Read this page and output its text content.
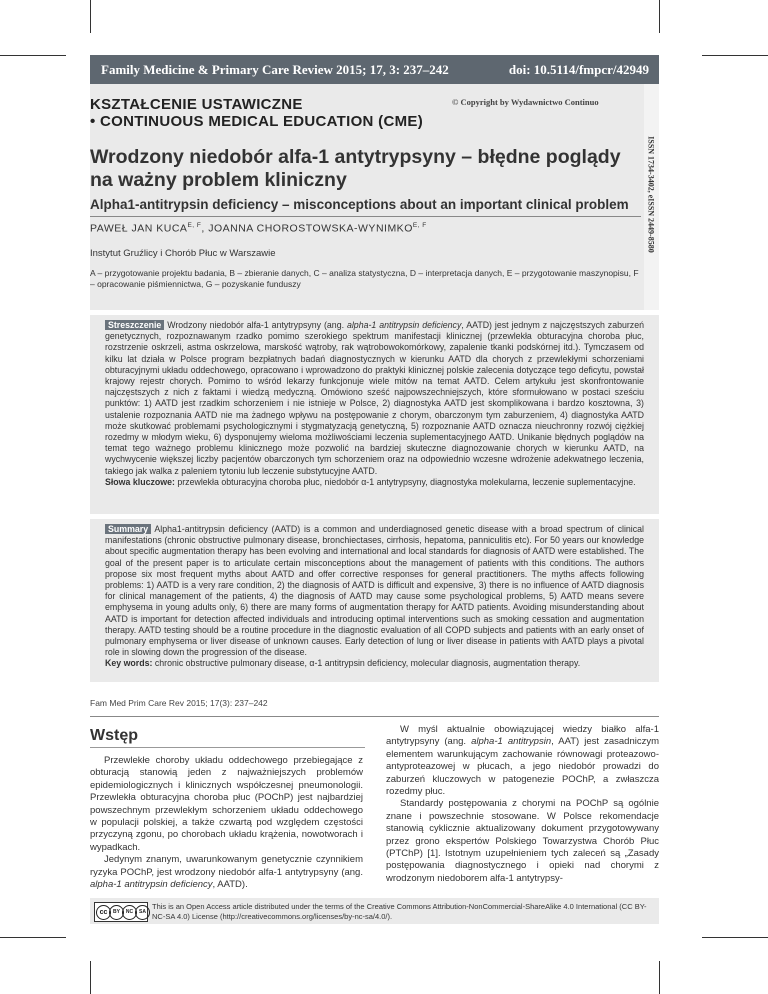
Family Medicine & Primary Care Review 2015; 17, 3: 237–242	doi: 10.5114/fmpcr/42949
KSZTAŁCENIE USTAWICZNE
• CONTINUOUS MEDICAL EDUCATION (CME)
© Copyright by Wydawnictwo Continuo
ISSN 1734-3402, eISSN 2449-8580
Wrodzony niedobór alfa-1 antytrypsyny – błędne poglądy na ważny problem kliniczny
Alpha1-antitrypsin deficiency – misconceptions about an important clinical problem
PAWEŁ JAN $KUCA^{E, F}$, JOANNA CHOROSTOWSKA-$WYNIMKO^{E, F}$
Instytut Gruźlicy i Chorób Płuc w Warszawie
A – przygotowanie projektu badania, B – zbieranie danych, C – analiza statystyczna, D – interpretacja danych, E – przygotowanie maszynopisu, F – opracowanie piśmiennictwa, G – pozyskanie funduszy
Streszczenie Wrodzony niedobór alfa-1 antytrypsyny (ang. alpha-1 antitrypsin deficiency, AATD) jest jednym z najczęstszych zaburzeń genetycznych, rozpoznawanym rzadko pomimo szerokiego spektrum manifestacji klinicznej (przewlekła obturacyjna choroba płuc, rozstrzenie oskrzeli, astma oskrzelowa, marskość wątroby, rak wątrobowokomórkowy, zapalenie tkanki podskórnej itd.). Tymczasem od kilku lat działa w Polsce program bezpłatnych badań diagnostycznych w kierunku AATD dla chorych z przewlekłymi schorzeniami obturacyjnymi układu oddechowego, opracowano i wprowadzono do praktyki klinicznej polskie zalecenia dotyczące tego deficytu, powstał krajowy rejestr chorych. Pomimo to wśród lekarzy funkcjonuje wiele mitów na temat AATD. Celem artykułu jest skonfrontowanie najczęstszych z nich z faktami i wiedzą medyczną. Omówiono sześć najpowszechniejszych, które sformułowano w postaci sześciu punktów: 1) AATD jest rzadkim schorzeniem i nie istnieje w Polsce, 2) diagnostyka AATD jest skomplikowana i bardzo kosztowna, 3) ustalenie rozpoznania AATD nie ma żadnego wpływu na postępowanie z chorym, obarczonym tym zaburzeniem, 4) diagnostyka AATD może skutkować problemami psychologicznymi i stygmatyzacją genetyczną, 5) rozpoznanie AATD oznacza nieuchronny rozwój ciężkiej rozedmy w młodym wieku, 6) dysponujemy wieloma możliwościami leczenia suplementacyjnego AATD. Unikanie błędnych poglądów na temat tego ważnego problemu klinicznego może pozwolić na bardziej skuteczne diagnozowanie chorych w kierunku AATD, na wychwycenie większej liczby pacjentów obarczonych tym schorzeniem oraz na odpowiednio wczesne wdrożenie adekwatnego leczenia, takiego jak walka z paleniem tytoniu lub leczenie substytucyjne AATD.
Słowa kluczowe: przewlekła obturacyjna choroba płuc, niedobór α-1 antytrypsyny, diagnostyka molekularna, leczenie suplementacyjne.
Summary Alpha1-antitrypsin deficiency (AATD) is a common and underdiagnosed genetic disease with a broad spectrum of clinical manifestations (chronic obstructive pulmonary disease, bronchiectases, cirrhosis, hepatoma, panniculitis etc). For 50 years our knowledge about specific augmentation therapy has been evolving and international and local standards for diagnosis of AATD were established. The goal of the present paper is to articulate certain misconceptions about the management of patients with this conditions. The authors propose six most frequent myths about AATD and offer corrective responses for general practitioners. The myths affects following problems: 1) AATD is a very rare condition, 2) the diagnosis of AATD is difficult and expensive, 3) there is no influence of AATD diagnosis for clinical management of the patients, 4) the diagnosis of AATD may cause some psychological problems, 5) AATD means severe emphysema in young adults only, 6) there are many forms of augmentation therapy for AATD patients. Avoiding misunderstanding about AATD is important for detection affected individuals and introducing optimal interventions such as smoking cessation and augmentation therapy. AATD testing should be a routine procedure in the diagnostic evaluation of all COPD subjects and patients with an early onset of pulmonary emphysema or liver disease of unknown causes. Early detection of lung or liver disease in patients with AATD plays a pivotal role in slowing down the progression of the disease.
Key words: chronic obstructive pulmonary disease, α-1 antitrypsin deficiency, molecular diagnosis, augmentation therapy.
Fam Med Prim Care Rev 2015; 17(3): 237–242
Wstęp

Przewlekłe choroby układu oddechowego przebiegające z obturacją stanowią jeden z najważniejszych problemów epidemiologicznych i klinicznych współczesnej pneumonologii. Przewlekła obturacyjna choroba płuc (POChP) jest najbardziej powszechnym przewlekłym schorzeniem układu oddechowego w populacji polskiej, a także czwartą pod względem częstości przyczyną zgonu, po chorobach układu krążenia, nowotworach i wypadkach.

Jedynym znanym, uwarunkowanym genetycznie czynnikiem ryzyka POChP, jest wrodzony niedobór alfa-1 antytrypsyny (ang. alpha-1 antitrypsin deficiency, AATD).

W myśl aktualnie obowiązującej wiedzy białko alfa-1 antytrypsyny (ang. alpha-1 antitrypsin, AAT) jest zasadniczym elementem warunkującym zachowanie równowagi proteazowo-antyproteazowej w płucach, a jego niedobór prowadzi do zaburzeń kluczowych w patogenezie POChP, a zwłaszcza rozedmy płuc.

Standardy postępowania z chorymi na POChP są ogólnie znane i powszechnie stosowane. W Polsce rekomendacje stanowią cyklicznie aktualizowany dokument przygotowywany przez grono ekspertów Polskiego Towarzystwa Chorób Płuc (PTChP) [1]. Istotnym uzupełnieniem tych zaleceń są „Zasady postępowania diagnostycznego i opieki nad chorymi z wrodzonym niedoborem alfa-1 antytrypsy-

cc	BY	NC	SA
This is an Open Access article distributed under the terms of the Creative Commons Attribution-NonCommercial-ShareAlike 4.0 International (CC BY-NC-SA 4.0) License (http://creativecommons.org/licenses/by-nc-sa/4.0/).
